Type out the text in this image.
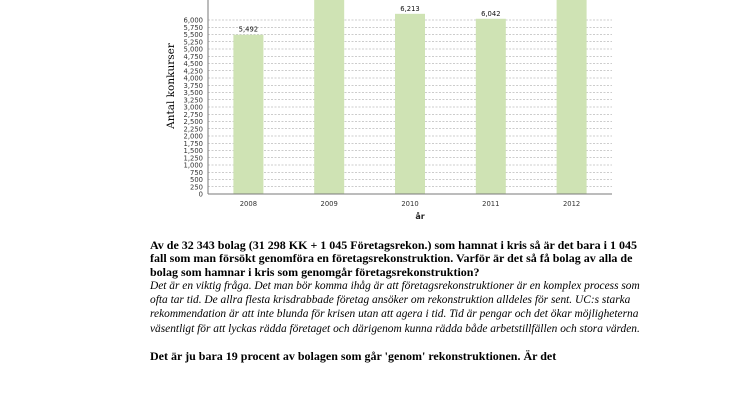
0
250
500
750
1,000
1,250
1,500
1,750
2,000
2,250
2,500
2,750
3,000
3,250
3,500
3,750
4,000
4,250
4,500
4,750
5,000
5,250
5,500
5,750
6,000
2008	2009	2010	2011	2012
5,492
6,213
6,042
Antal konkurser
år

Av de 32 343 bolag (31 298 KK + 1 045 Företagsrekon.) som hamnat i kris så är det bara i 1 045 fall som man försökt genomföra en företagsrekonstruktion. Varför är det så få bolag av alla de bolag som hamnar i kris som genomgår företagsrekonstruktion?

Det är en viktig fråga. Det man bör komma ihåg är att företagsrekonstruktioner är en komplex process som ofta tar tid. De allra flesta krisdrabbade företag ansöker om rekonstruktion alldeles för sent. UC:s starka rekommendation är att inte blunda för krisen utan att agera i tid. Tid är pengar och det ökar möjligheterna väsentligt för att lyckas rädda företaget och därigenom kunna rädda både arbetstillfällen och stora värden.

Det är ju bara 19 procent av bolagen som går 'genom' rekonstruktionen. Är det
